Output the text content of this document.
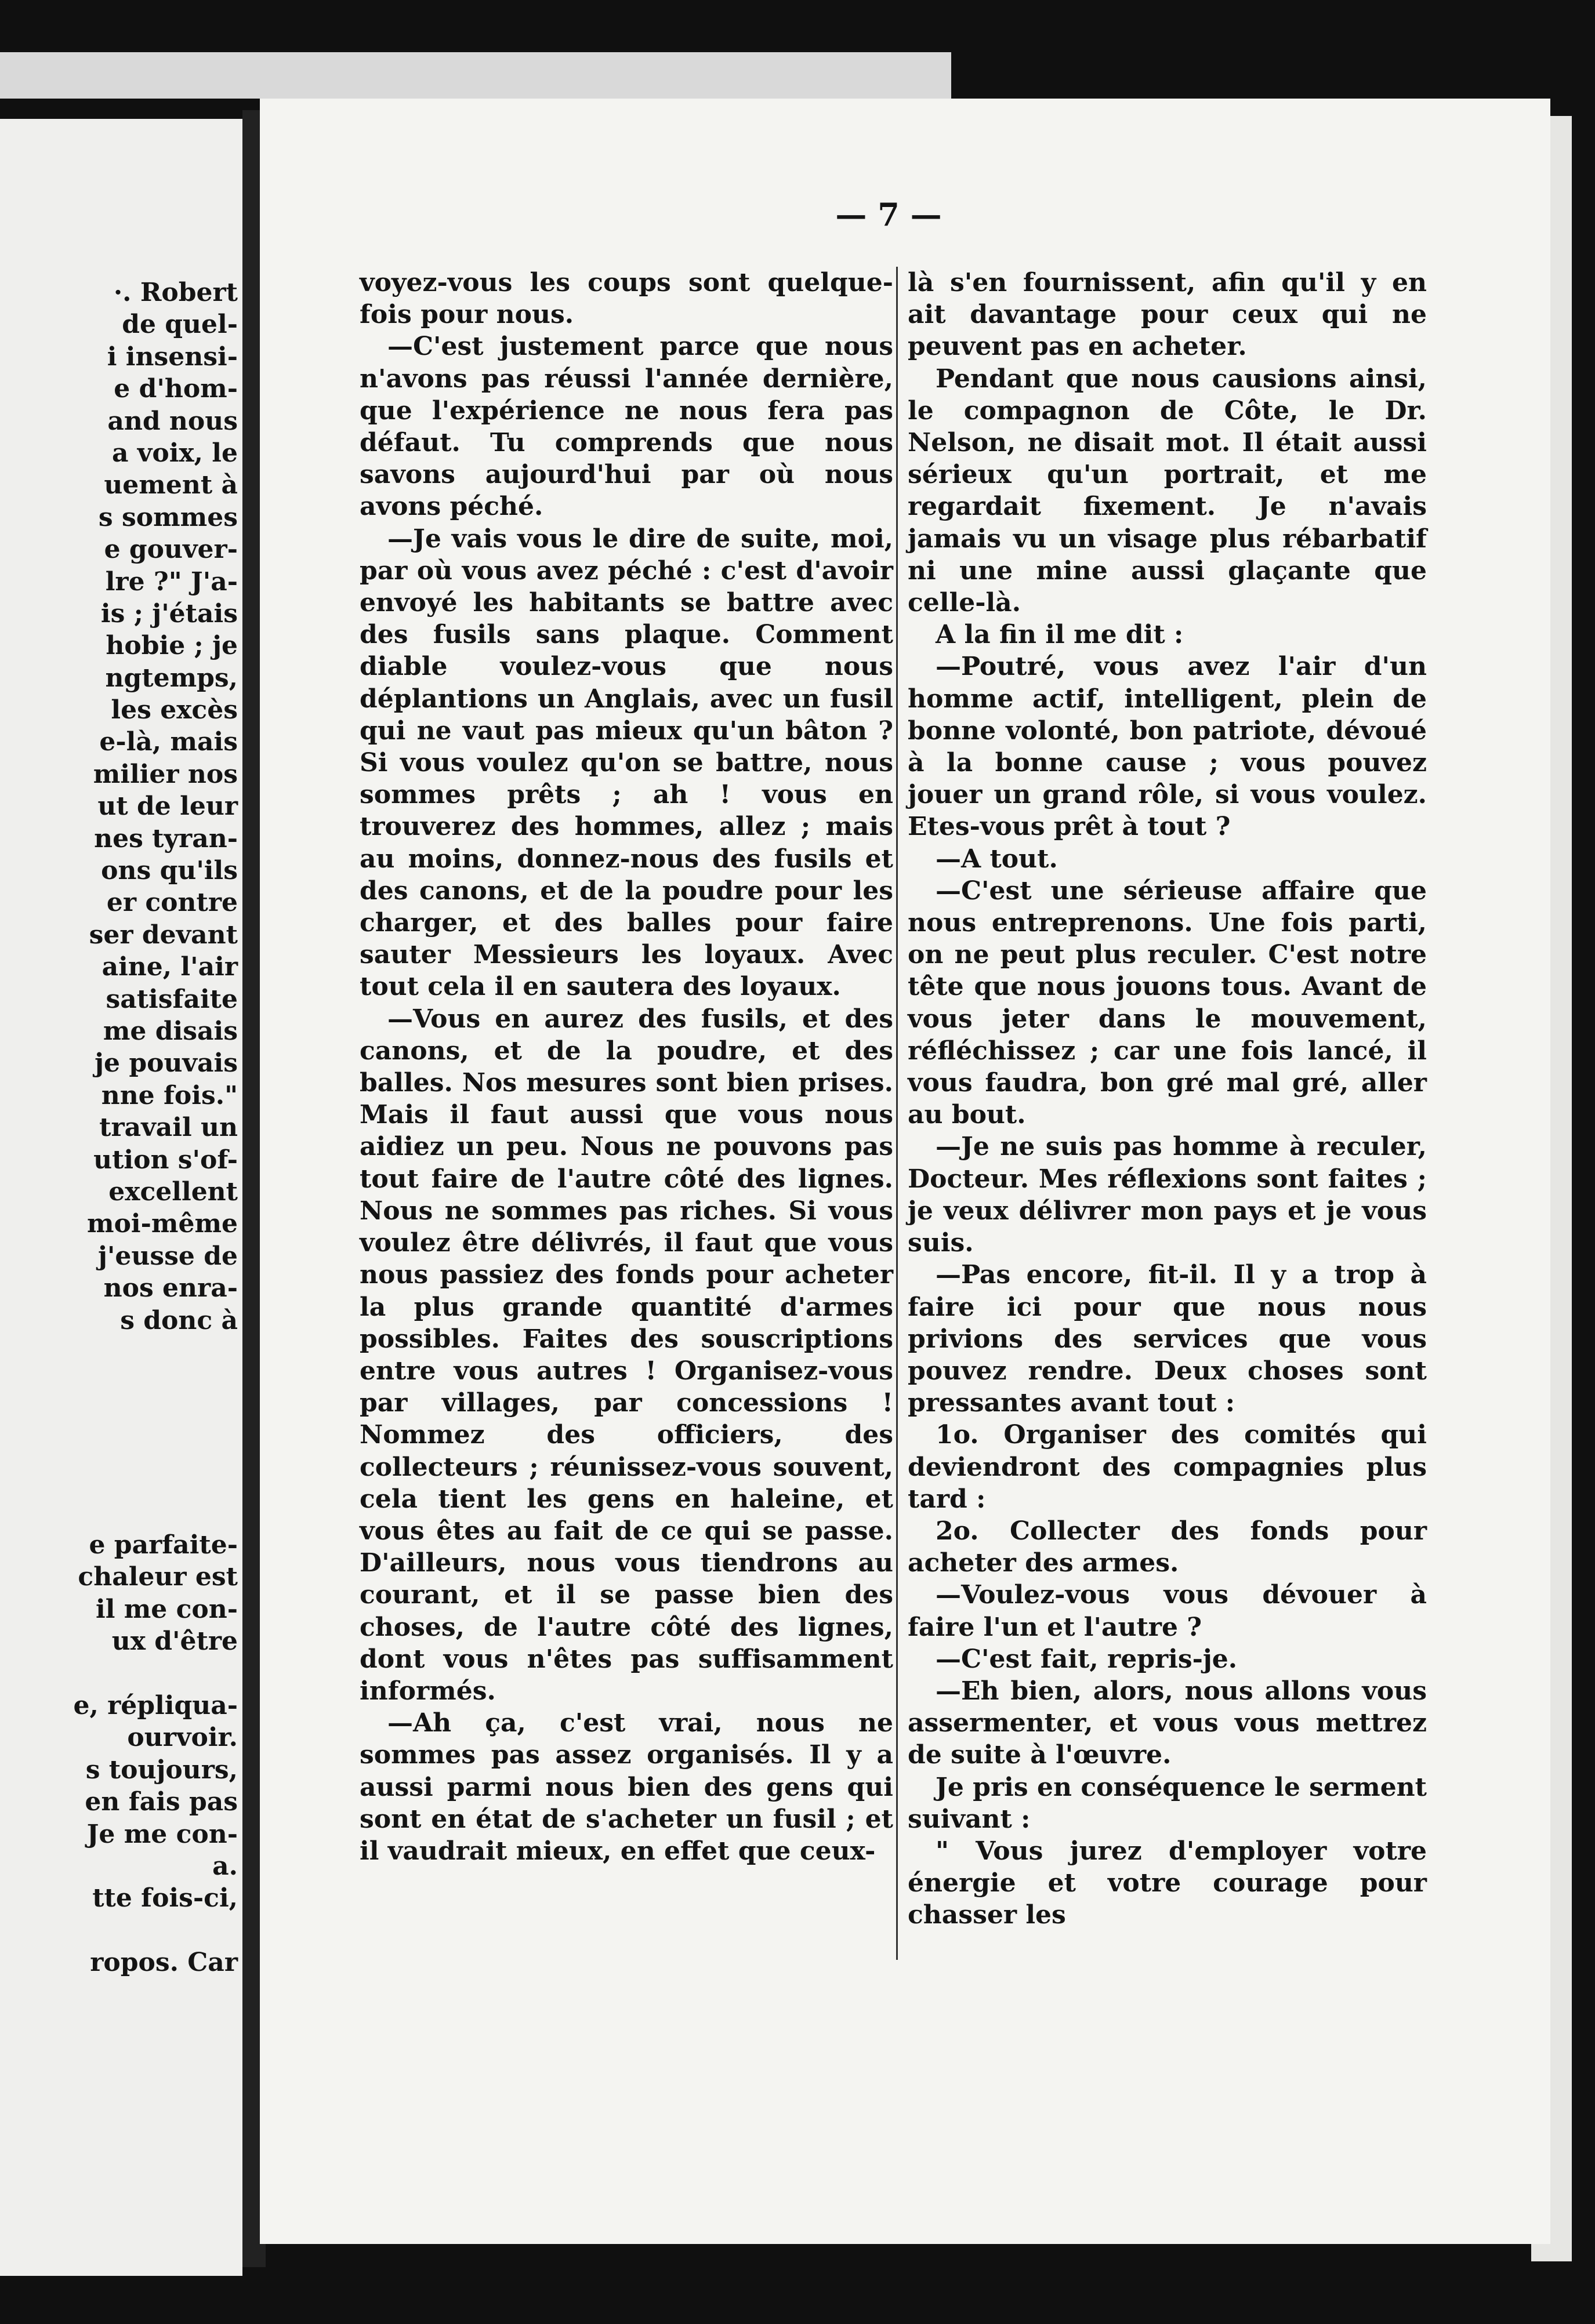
·. Robert
de quel-
i insensi-
e d'hom-
and nous
a voix, le
uement à
s sommes
e gouver-
lre ?" J'a-
is ; j'étais
hobie ; je
ngtemps,
les excès
e-là, mais
milier nos
ut de leur
nes tyran-
ons qu'ils
er contre
ser devant
aine, l'air
satisfaite
me disais
je pouvais
nne fois."
travail un
ution s'of-
excellent
moi-même
j'eusse de
nos enra-
s donc à
e parfaite-
chaleur est
il me con-
ux d'être
e, répliqua-
ourvoir.
s toujours,
en fais pas
Je me con-
a.
tte fois-ci,
ropos. Car
— 7 —

voyez-vous les coups sont quelque-fois pour nous.

—C'est justement parce que nous n'avons pas réussi l'année dernière, que l'expérience ne nous fera pas défaut. Tu comprends que nous savons aujourd'hui par où nous avons péché.

—Je vais vous le dire de suite, moi, par où vous avez péché : c'est d'avoir envoyé les habitants se battre avec des fusils sans plaque. Comment diable voulez-vous que nous déplantions un Anglais, avec un fusil qui ne vaut pas mieux qu'un bâton ? Si vous voulez qu'on se battre, nous sommes prêts ; ah ! vous en trouverez des hommes, allez ; mais au moins, donnez-nous des fusils et des canons, et de la poudre pour les charger, et des balles pour faire sauter Messieurs les loyaux. Avec tout cela il en sautera des loyaux.

—Vous en aurez des fusils, et des canons, et de la poudre, et des balles. Nos mesures sont bien prises. Mais il faut aussi que vous nous aidiez un peu. Nous ne pouvons pas tout faire de l'autre côté des lignes. Nous ne sommes pas riches. Si vous voulez être délivrés, il faut que vous nous passiez des fonds pour acheter la plus grande quantité d'armes possibles. Faites des souscriptions entre vous autres ! Organisez-vous par villages, par concessions ! Nommez des officiers, des collecteurs ; réunissez-vous souvent, cela tient les gens en haleine, et vous êtes au fait de ce qui se passe. D'ailleurs, nous vous tiendrons au courant, et il se passe bien des choses, de l'autre côté des lignes, dont vous n'êtes pas suffisamment informés.

—Ah ça, c'est vrai, nous ne sommes pas assez organisés. Il y a aussi parmi nous bien des gens qui sont en état de s'acheter un fusil ; et il vaudrait mieux, en effet que ceux-

là s'en fournissent, afin qu'il y en ait davantage pour ceux qui ne peuvent pas en acheter.

Pendant que nous causions ainsi, le compagnon de Côte, le Dr. Nelson, ne disait mot. Il était aussi sérieux qu'un portrait, et me regardait fixement. Je n'avais jamais vu un visage plus rébarbatif ni une mine aussi glaçante que celle-là.

A la fin il me dit :

—Poutré, vous avez l'air d'un homme actif, intelligent, plein de bonne volonté, bon patriote, dévoué à la bonne cause ; vous pouvez jouer un grand rôle, si vous voulez. Etes-vous prêt à tout ?

—A tout.

—C'est une sérieuse affaire que nous entreprenons. Une fois parti, on ne peut plus reculer. C'est notre tête que nous jouons tous. Avant de vous jeter dans le mouvement, réfléchissez ; car une fois lancé, il vous faudra, bon gré mal gré, aller au bout.

—Je ne suis pas homme à reculer, Docteur. Mes réflexions sont faites ; je veux délivrer mon pays et je vous suis.

—Pas encore, fit-il. Il y a trop à faire ici pour que nous nous privions des services que vous pouvez rendre. Deux choses sont pressantes avant tout :

1o. Organiser des comités qui deviendront des compagnies plus tard :

2o. Collecter des fonds pour acheter des armes.

—Voulez-vous vous dévouer à faire l'un et l'autre ?

—C'est fait, repris-je.

—Eh bien, alors, nous allons vous assermenter, et vous vous mettrez de suite à l'œuvre.

Je pris en conséquence le serment suivant :

" Vous jurez d'employer votre énergie et votre courage pour chasser les
